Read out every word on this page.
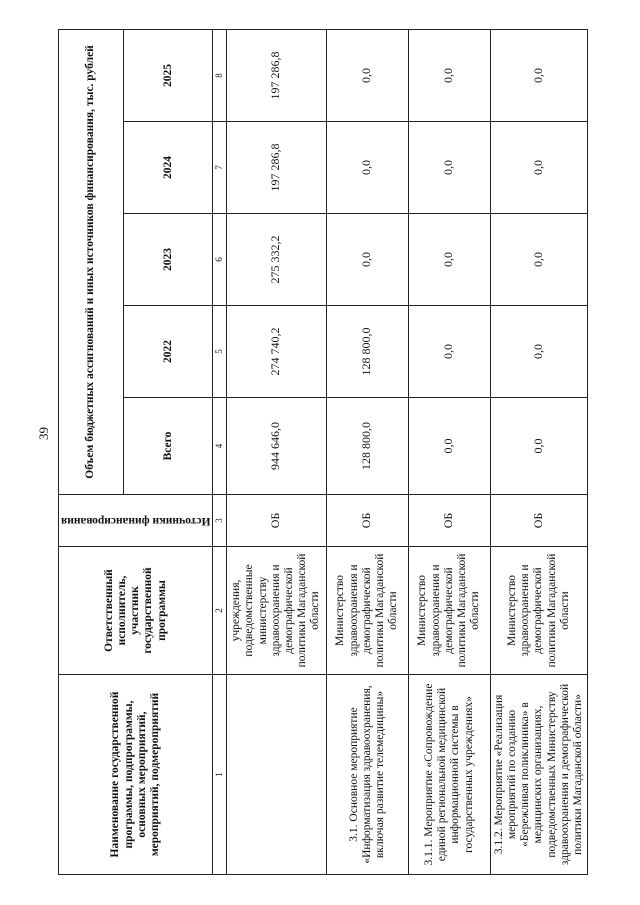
39
Наименование государственной программы, подпрограммы, основных мероприятий, мероприятий, подмероприятий	Ответственный исполнитель, участник государственной программы	Источники финансирования	Объем бюджетных ассигнований и иных источников финансирования, тыс. рублей				
			Всего	2022	2023	2024	2025
1	2	3	4	5	6	7	8
	учреждения, подведомственные министерству здравоохранения и демографической политики Магаданской области	ОБ	944 646,0	274 740,2	275 332,2	197 286,8	197 286,8
3.1. Основное мероприятие «Информатизация здравоохранения, включая развитие телемедицины»	Министерство здравоохранения и демографической политики Магаданской области	ОБ	128 800,0	128 800,0	0,0	0,0	0,0
3.1.1. Мероприятие «Сопровождение единой региональной медицинской информационной системы в государственных учреждениях»	Министерство здравоохранения и демографической политики Магаданской области	ОБ	0,0	0,0	0,0	0,0	0,0
3.1.2. Мероприятие «Реализация мероприятий по созданию «Бережливая поликлиника» в медицинских организациях, подведомственных Министерству здравоохранения и демографической политики Магаданской области»	Министерство здравоохранения и демографической политики Магаданской области	ОБ	0,0	0,0	0,0	0,0	0,0
